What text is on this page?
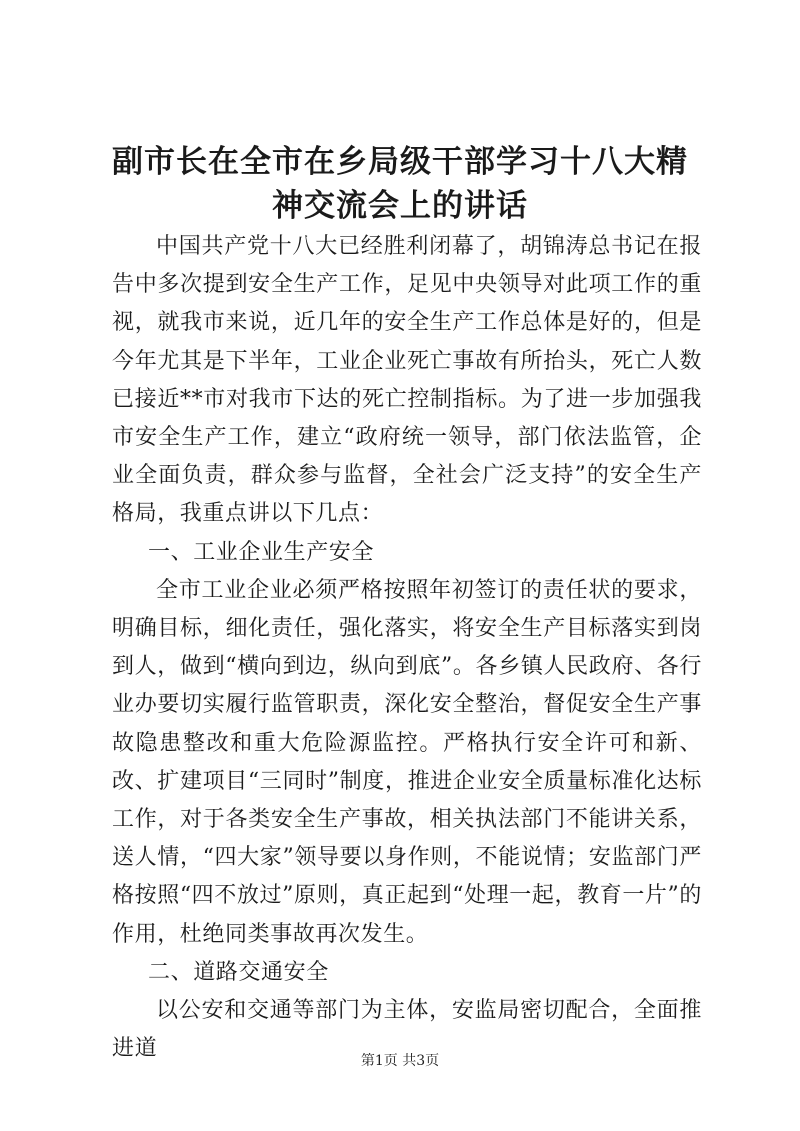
副市长在全市在乡局级干部学习十八大精神交流会上的讲话

中国共产党十八大已经胜利闭幕了，胡锦涛总书记在报告中多次提到安全生产工作，足见中央领导对此项工作的重视，就我市来说，近几年的安全生产工作总体是好的，但是今年尤其是下半年，工业企业死亡事故有所抬头，死亡人数已接近**市对我市下达的死亡控制指标。为了进一步加强我市安全生产工作，建立“政府统一领导，部门依法监管，企业全面负责，群众参与监督，全社会广泛支持”的安全生产格局，我重点讲以下几点：

一、工业企业生产安全

全市工业企业必须严格按照年初签订的责任状的要求，明确目标，细化责任，强化落实，将安全生产目标落实到岗到人，做到“横向到边，纵向到底”。各乡镇人民政府、各行业办要切实履行监管职责，深化安全整治，督促安全生产事故隐患整改和重大危险源监控。严格执行安全许可和新、改、扩建项目“三同时”制度，推进企业安全质量标准化达标工作，对于各类安全生产事故，相关执法部门不能讲关系，送人情，“四大家”领导要以身作则，不能说情；安监部门严格按照“四不放过”原则，真正起到“处理一起，教育一片”的作用，杜绝同类事故再次发生。

二、道路交通安全

以公安和交通等部门为主体，安监局密切配合，全面推进道	第1页 共3页
